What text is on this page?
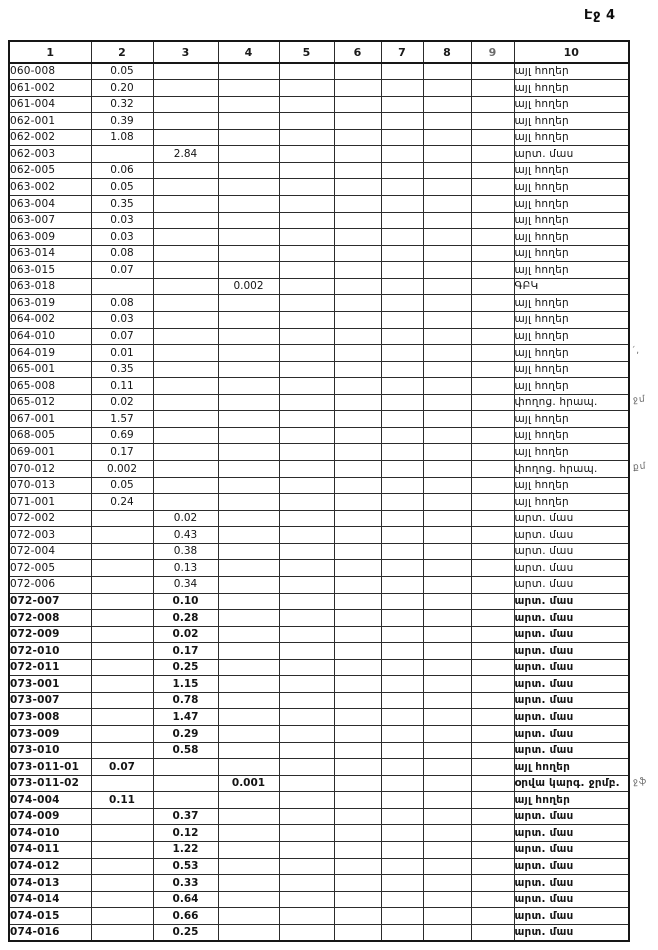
Էջ 4
1	2	3	4	5	6	7	8	9	10
060-008	0.05								այլ հողեր
061-002	0.20								այլ հողեր
061-004	0.32								այլ հողեր
062-001	0.39								այլ հողեր
062-002	1.08								այլ հողեր
062-003		2.84							արտ. մաս
062-005	0.06								այլ հողեր
063-002	0.05								այլ հողեր
063-004	0.35								այլ հողեր
063-007	0.03								այլ հողեր
063-009	0.03								այլ հողեր
063-014	0.08								այլ հողեր
063-015	0.07								այլ հողեր
063-018			0.002						ԳԲԿ
063-019	0.08								այլ հողեր
064-002	0.03								այլ հողեր
064-010	0.07								այլ հողեր
064-019	0.01								այլ հողեր
065-001	0.35								այլ հողեր
065-008	0.11								այլ հողեր
065-012	0.02								փողոց. հրապ.
067-001	1.57								այլ հողեր
068-005	0.69								այլ հողեր
069-001	0.17								այլ հողեր
070-012	0.002								փողոց. հրապ.
070-013	0.05								այլ հողեր
071-001	0.24								այլ հողեր
072-002		0.02							արտ. մաս
072-003		0.43							արտ. մաս
072-004		0.38							արտ. մաս
072-005		0.13							արտ. մաս
072-006		0.34							արտ. մաս
072-007		0.10							արտ. մաս
072-008		0.28							արտ. մաս
072-009		0.02							արտ. մաս
072-010		0.17							արտ. մաս
072-011		0.25							արտ. մաս
073-001		1.15							արտ. մաս
073-007		0.78							արտ. մաս
073-008		1.47							արտ. մաս
073-009		0.29							արտ. մաս
073-010		0.58							արտ. մաս
073-011-01	0.07								այլ հողեր
073-011-02			0.001						օրվա կարգ. ջրմբ.
074-004	0.11								այլ հողեր
074-009		0.37							արտ. մաս
074-010		0.12							արտ. մաս
074-011		1.22							արտ. մաս
074-012		0.53							արտ. մաս
074-013		0.33							արտ. մաս
074-014		0.64							արտ. մաս
074-015		0.66							արտ. մաս
074-016		0.25							արտ. մաս
՛,
ջմ
քմ
ջֆ
